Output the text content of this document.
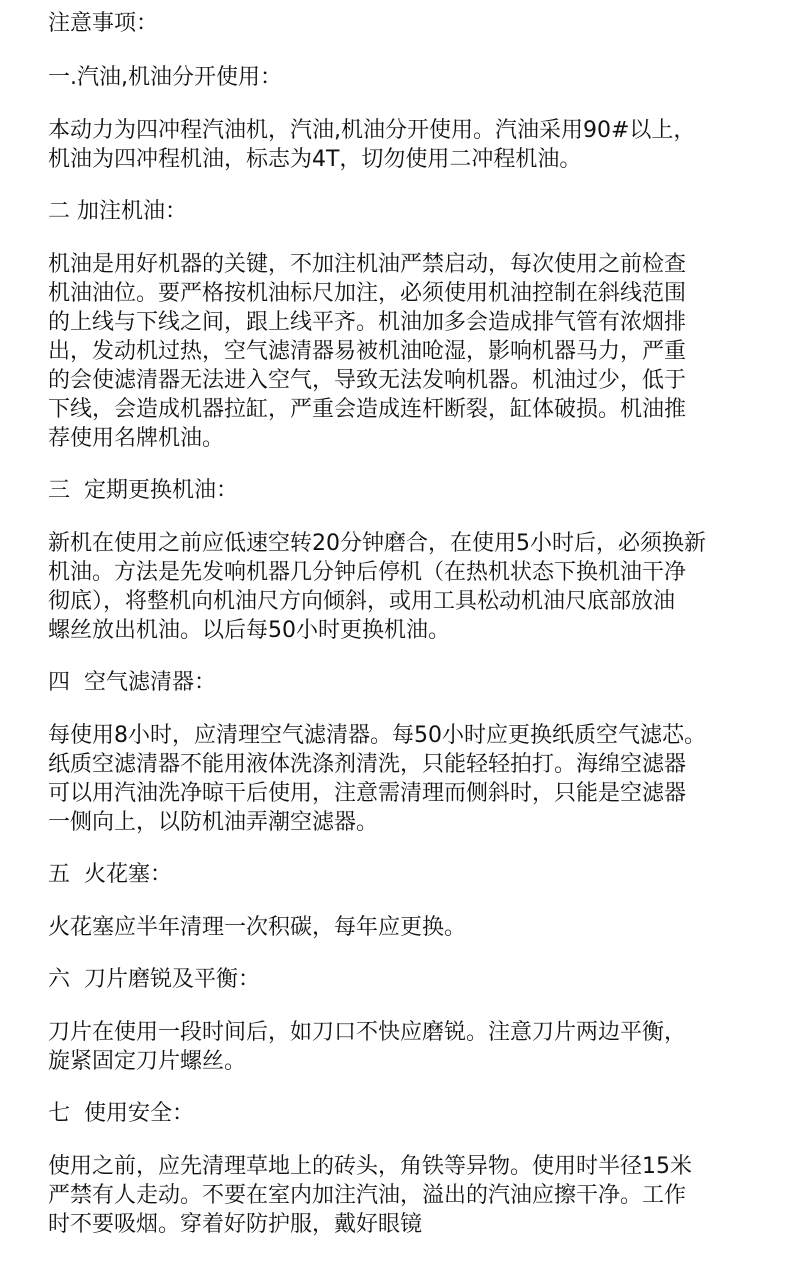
注意事项：
一.汽油,机油分开使用：
本动力为四冲程汽油机，汽油,机油分开使用。汽油采用90#以上，
机油为四冲程机油，标志为4T，切勿使用二冲程机油。
二 加注机油：
机油是用好机器的关键，不加注机油严禁启动，每次使用之前检查
机油油位。要严格按机油标尺加注，必须使用机油控制在斜线范围
的上线与下线之间，跟上线平齐。机油加多会造成排气管有浓烟排
出，发动机过热，空气滤清器易被机油呛湿，影响机器马力，严重
的会使滤清器无法进入空气，导致无法发响机器。机油过少，低于
下线，会造成机器拉缸，严重会造成连杆断裂，缸体破损。机油推
荐使用名牌机油。
三  定期更换机油：
新机在使用之前应低速空转20分钟磨合，在使用5小时后，必须换新
机油。方法是先发响机器几分钟后停机（在热机状态下换机油干净
彻底），将整机向机油尺方向倾斜，或用工具松动机油尺底部放油
螺丝放出机油。以后每50小时更换机油。
四  空气滤清器：
每使用8小时，应清理空气滤清器。每50小时应更换纸质空气滤芯。
纸质空滤清器不能用液体洗涤剂清洗，只能轻轻拍打。海绵空滤器
可以用汽油洗净晾干后使用，注意需清理而侧斜时，只能是空滤器
一侧向上，以防机油弄潮空滤器。
五  火花塞：
火花塞应半年清理一次积碳，每年应更换。
六  刀片磨锐及平衡：
刀片在使用一段时间后，如刀口不快应磨锐。注意刀片两边平衡，
旋紧固定刀片螺丝。
七  使用安全：
使用之前，应先清理草地上的砖头，角铁等异物。使用时半径15米
严禁有人走动。不要在室内加注汽油，溢出的汽油应擦干净。工作
时不要吸烟。穿着好防护服，戴好眼镜
